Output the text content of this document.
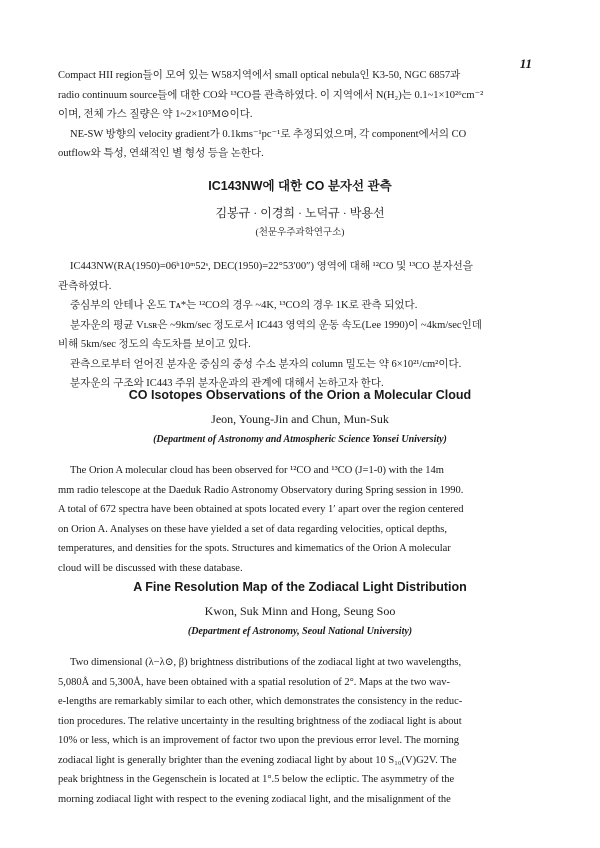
11

Compact HII region들이 모여 있는 W58지역에서 small optical nebula인 K3-50, NGC 6857과

radio continuum source들에 대한 CO와 ¹³CO를 관측하였다. 이 지역에서 N(H₂)는 0.1~1×10²⁶cm⁻²

이며, 전체 가스 질량은 약 1~2×10⁵M⊙이다.

NE-SW 방향의 velocity gradient가 0.1kms⁻¹pc⁻¹로 추정되었으며, 각 component에서의 CO

outflow와 특성, 연쇄적인 별 형성 등을 논한다.

IC143NW에 대한 CO 분자선 관측

김봉규 · 이경희 · 노덕규 · 박용선

(천문우주과학연구소)

IC443NW(RA(1950)=06ʰ10ᵐ52ˢ, DEC(1950)=22°53′00″) 영역에 대해 ¹²CO 및 ¹³CO 분자선을

관측하였다.

중심부의 안테나 온도 Tᴀ*는 ¹²CO의 경우 ~4K, ¹³CO의 경우 1K로 관측 되었다.

분자운의 평균 Vʟsʀ은 ~9km/sec 정도로서 IC443 영역의 운동 속도(Lee 1990)이 ~4km/sec인데

비해 5km/sec 정도의 속도차를 보이고 있다.

관측으로부터 얻어진 분자운 중심의 중성 수소 분자의 column 밀도는 약 6×10²¹/cm²이다.

분자운의 구조와 IC443 주위 분자운과의 관계에 대해서 논하고자 한다.

CO Isotopes Observations of the Orion a Molecular Cloud

Jeon, Young-Jin and Chun, Mun-Suk

(Department of Astronomy and Atmospheric Science Yonsei University)

The Orion A molecular cloud has been observed for ¹²CO and ¹³CO (J=1-0) with the 14m

mm radio telescope at the Daeduk Radio Astronomy Observatory during Spring session in 1990.

A total of 672 spectra have been obtained at spots located every 1′ apart over the region centered

on Orion A. Analyses on these have yielded a set of data regarding velocities, optical depths,

temperatures, and densities for the spots. Structures and kimematics of the Orion A molecular

cloud will be discussed with these database.

A Fine Resolution Map of the Zodiacal Light Distribution

Kwon, Suk Minn and Hong, Seung Soo

(Department ef Astronomy, Seoul National University)

Two dimensional (λ−λ⊙, β) brightness distributions of the zodiacal light at two wavelengths,

5,080Å and 5,300Å, have been obtained with a spatial resolution of 2°. Maps at the two wav-

e-lengths are remarkably similar to each other, which demonstrates the consistency in the reduc-

tion procedures. The relative uncertainty in the resulting brightness of the zodiacal light is about

10% or less, which is an improvement of factor two upon the previous error level. The morning

zodiacal light is generally brighter than the evening zodiacal light by about 10 S₁₀(V)G2V. The

peak brightness in the Gegenschein is located at 1°.5 below the ecliptic. The asymmetry of the

morning zodiacal light with respect to the evening zodiacal light, and the misalignment of the
